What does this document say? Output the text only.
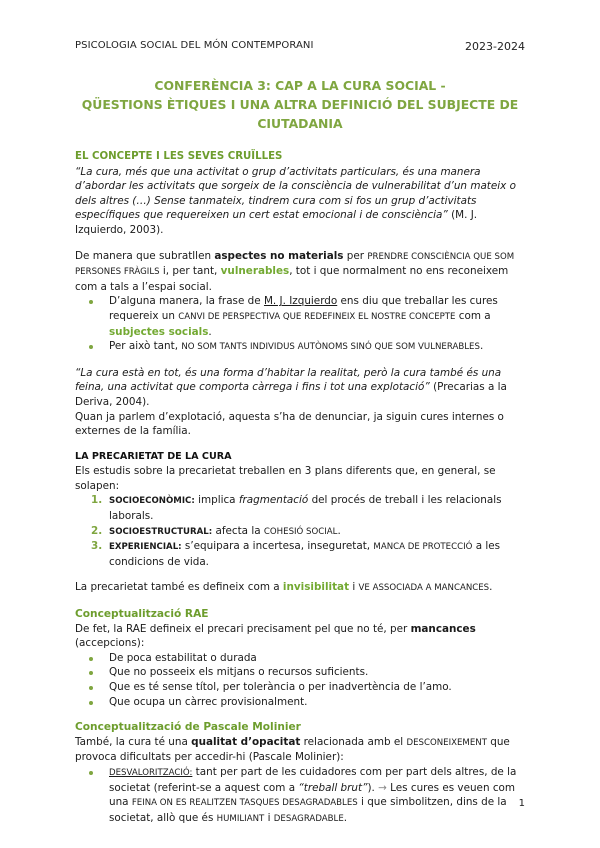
PSICOLOGIA SOCIAL DEL MÓN CONTEMPORANI	2023-2024
CONFERÈNCIA 3: CAP A LA CURA SOCIAL -
QÜESTIONS ÈTIQUES I UNA ALTRA DEFINICIÓ DEL SUBJECTE DE
CIUTADANIA

EL CONCEPTE I LES SEVES CRUÏLLES

“La cura, més que una activitat o grup d’activitats particulars, és una manera d’abordar les activitats que sorgeix de la consciència de vulnerabilitat d’un mateix o dels altres (…) Sense tanmateix, tindrem cura com si fos un grup d’activitats específiques que requereixen un cert estat emocional i de consciència” (M. J. Izquierdo, 2003).

De manera que subratllen aspectes no materials per PRENDRE CONSCIÈNCIA QUE SOM PERSONES FRÀGILS i, per tant, vulnerables, tot i que normalment no ens reconeixem com a tals a l’espai social.

D’alguna manera, la frase de M. J. Izquierdo ens diu que treballar les cures requereix un CANVI DE PERSPECTIVA QUE REDEFINEIX EL NOSTRE CONCEPTE com a subjectes socials.
Per això tant, NO SOM TANTS INDIVIDUS AUTÒNOMS SINÓ QUE SOM VULNERABLES.

“La cura està en tot, és una forma d’habitar la realitat, però la cura també és una feina, una activitat que comporta càrrega i fins i tot una explotació” (Precarias a la Deriva, 2004).

Quan ja parlem d’explotació, aquesta s’ha de denunciar, ja siguin cures internes o externes de la família.

LA PRECARIETAT DE LA CURA

Els estudis sobre la precarietat treballen en 3 plans diferents que, en general, se solapen:

1. SOCIOECONÒMIC: implica fragmentació del procés de treball i les relacionals laborals.
2. SOCIOESTRUCTURAL: afecta la COHESIÓ SOCIAL.
3. EXPERIENCIAL: s’equipara a incertesa, inseguretat, MANCA DE PROTECCIÓ a les condicions de vida.

La precarietat també es defineix com a invisibilitat i VE ASSOCIADA A MANCANCES.

Conceptualització RAE

De fet, la RAE defineix el precari precisament pel que no té, per mancances (accepcions):

De poca estabilitat o durada
Que no posseeix els mitjans o recursos suficients.
Que es té sense títol, per tolerància o per inadvertència de l’amo.
Que ocupa un càrrec provisionalment.

Conceptualització de Pascale Molinier

També, la cura té una qualitat d’opacitat relacionada amb el DESCONEIXEMENT que provoca dificultats per accedir-hi (Pascale Molinier):

DESVALORITZACIÓ: tant per part de les cuidadores com per part dels altres, de la societat (referint-se a aquest com a “treball brut”). → Les cures es veuen com una FEINA ON ES REALITZEN TASQUES DESAGRADABLES i que simbolitzen, dins de la societat, allò que és HUMILIANT i DESAGRADABLE.
1
